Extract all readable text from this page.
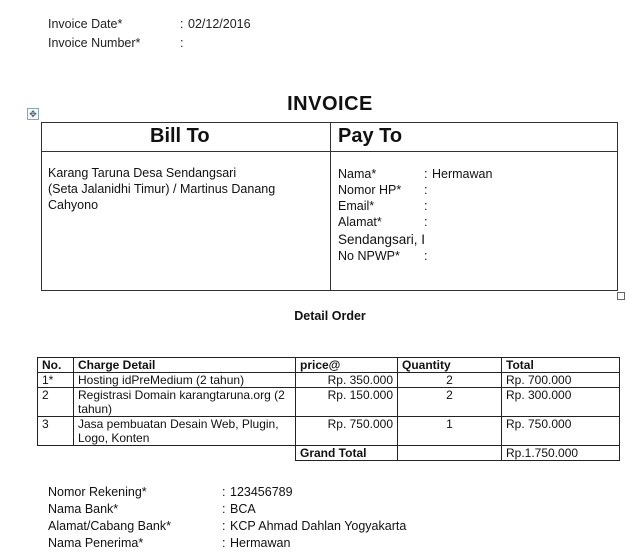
Invoice Date*	: 02/12/2016
Invoice Number*	:
✥	INVOICE
Bill To	Pay To
Karang Taruna Desa Sendangsari
(Seta Jalanidhi Timur) / Martinus Danang
Cahyono
Nama*	: Hermawan
Nomor HP* :
Email*	:
Alamat*	:
Sendangsari, I
No NPWP* :
Detail Order
No.	Charge Detail	price@	Quantity	Total
1*	Hosting idPreMedium (2 tahun)	Rp. 350.000	2	Rp. 700.000
2	Registrasi Domain karangtaruna.org (2 tahun)	Rp. 150.000	2	Rp. 300.000
3	Jasa pembuatan Desain Web, Plugin, Logo, Konten	Rp. 750.000	1	Rp. 750.000
		Grand Total		Rp.1.750.000
Nomor Rekening*	: 123456789
Nama Bank*	: BCA
Alamat/Cabang Bank*	: KCP Ahmad Dahlan Yogyakarta
Nama Penerima*	: Hermawan
